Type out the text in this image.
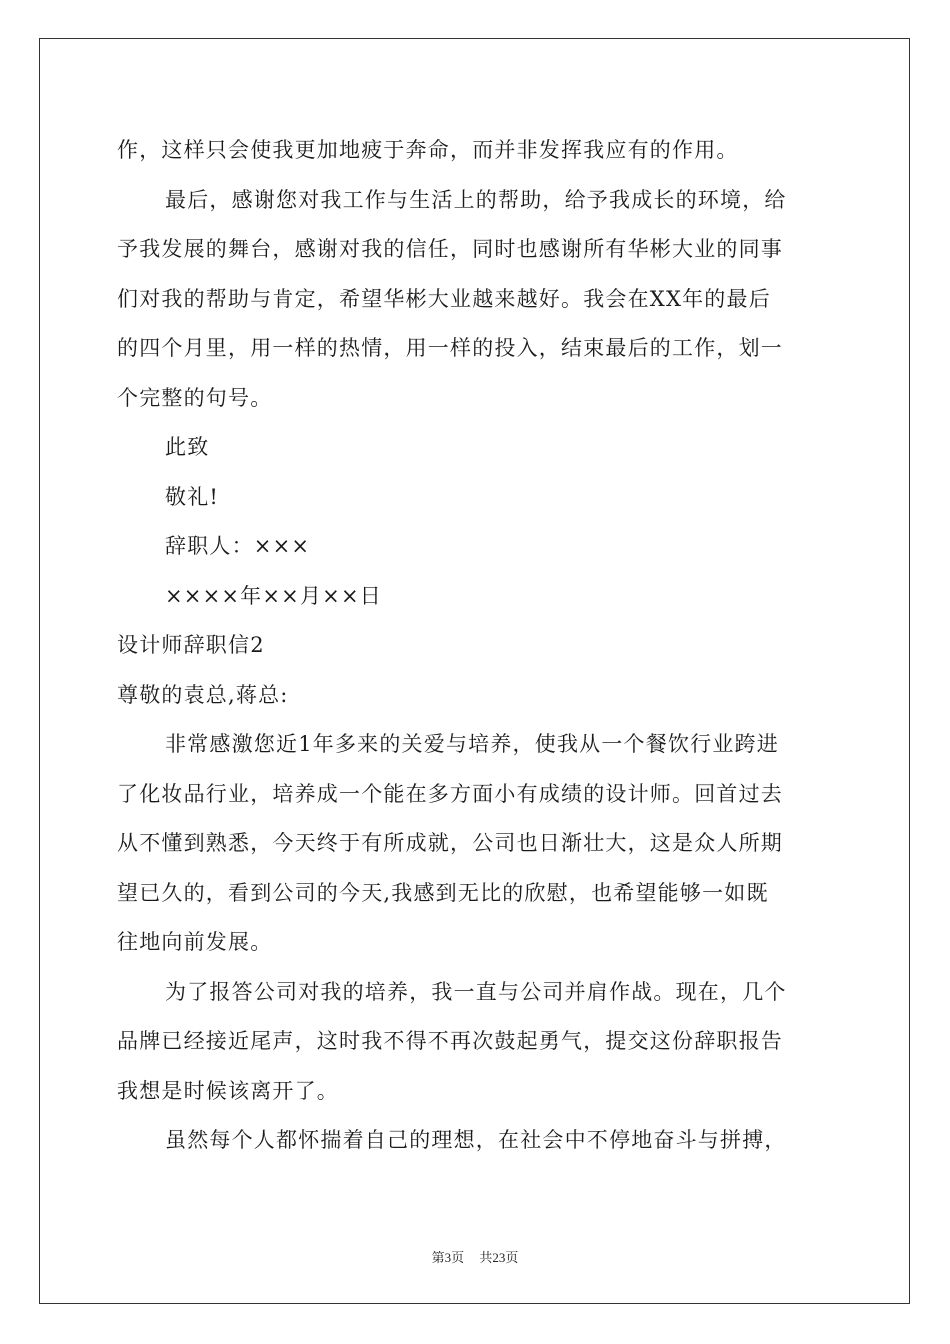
作，这样只会使我更加地疲于奔命，而并非发挥我应有的作用。
最后，感谢您对我工作与生活上的帮助，给予我成长的环境，给
予我发展的舞台，感谢对我的信任，同时也感谢所有华彬大业的同事
们对我的帮助与肯定，希望华彬大业越来越好。我会在XX年的最后
的四个月里，用一样的热情，用一样的投入，结束最后的工作，划一
个完整的句号。
此致
敬礼!
辞职人：×××
××××年××月××日
设计师辞职信2
尊敬的袁总,蒋总:
非常感激您近1年多来的关爱与培养，使我从一个餐饮行业跨进
了化妆品行业，培养成一个能在多方面小有成绩的设计师。回首过去
从不懂到熟悉，今天终于有所成就，公司也日渐壮大，这是众人所期
望已久的，看到公司的今天,我感到无比的欣慰，也希望能够一如既
往地向前发展。
为了报答公司对我的培养，我一直与公司并肩作战。现在，几个
品牌已经接近尾声，这时我不得不再次鼓起勇气，提交这份辞职报告
我想是时候该离开了。
虽然每个人都怀揣着自己的理想，在社会中不停地奋斗与拼搏，
第3页 共23页
